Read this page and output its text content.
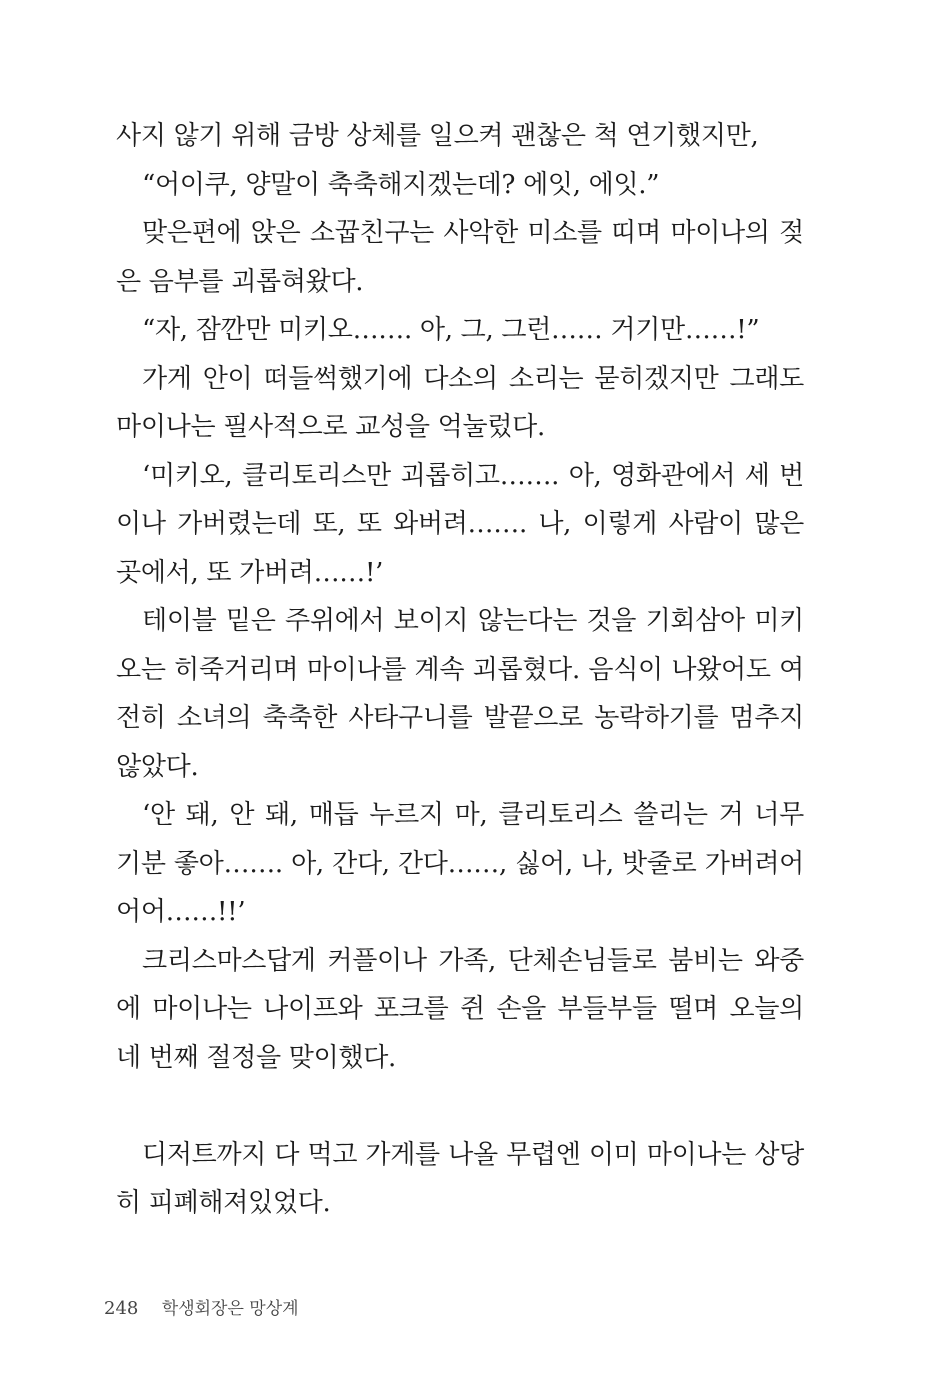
사지 않기 위해 금방 상체를 일으켜 괜찮은 척 연기했지만,

“어이쿠, 양말이 축축해지겠는데? 에잇, 에잇.”

맞은편에 앉은 소꿉친구는 사악한 미소를 띠며 마이나의 젖은 음부를 괴롭혀왔다.

“자, 잠깐만 미키오……. 아, 그, 그런…… 거기만……!”

가게 안이 떠들썩했기에 다소의 소리는 묻히겠지만 그래도 마이나는 필사적으로 교성을 억눌렀다.

‘미키오, 클리토리스만 괴롭히고……. 아, 영화관에서 세 번이나 가버렸는데 또, 또 와버려……. 나, 이렇게 사람이 많은 곳에서, 또 가버려……!’

테이블 밑은 주위에서 보이지 않는다는 것을 기회삼아 미키오는 히죽거리며 마이나를 계속 괴롭혔다. 음식이 나왔어도 여전히 소녀의 축축한 사타구니를 발끝으로 농락하기를 멈추지 않았다.

‘안 돼, 안 돼, 매듭 누르지 마, 클리토리스 쓸리는 거 너무 기분 좋아……. 아, 간다, 간다……, 싫어, 나, 밧줄로 가버려어어어……!!’

크리스마스답게 커플이나 가족, 단체손님들로 붐비는 와중에 마이나는 나이프와 포크를 쥔 손을 부들부들 떨며 오늘의 네 번째 절정을 맞이했다.

디저트까지 다 먹고 가게를 나올 무렵엔 이미 마이나는 상당히 피폐해져있었다.

248 학생회장은 망상계
